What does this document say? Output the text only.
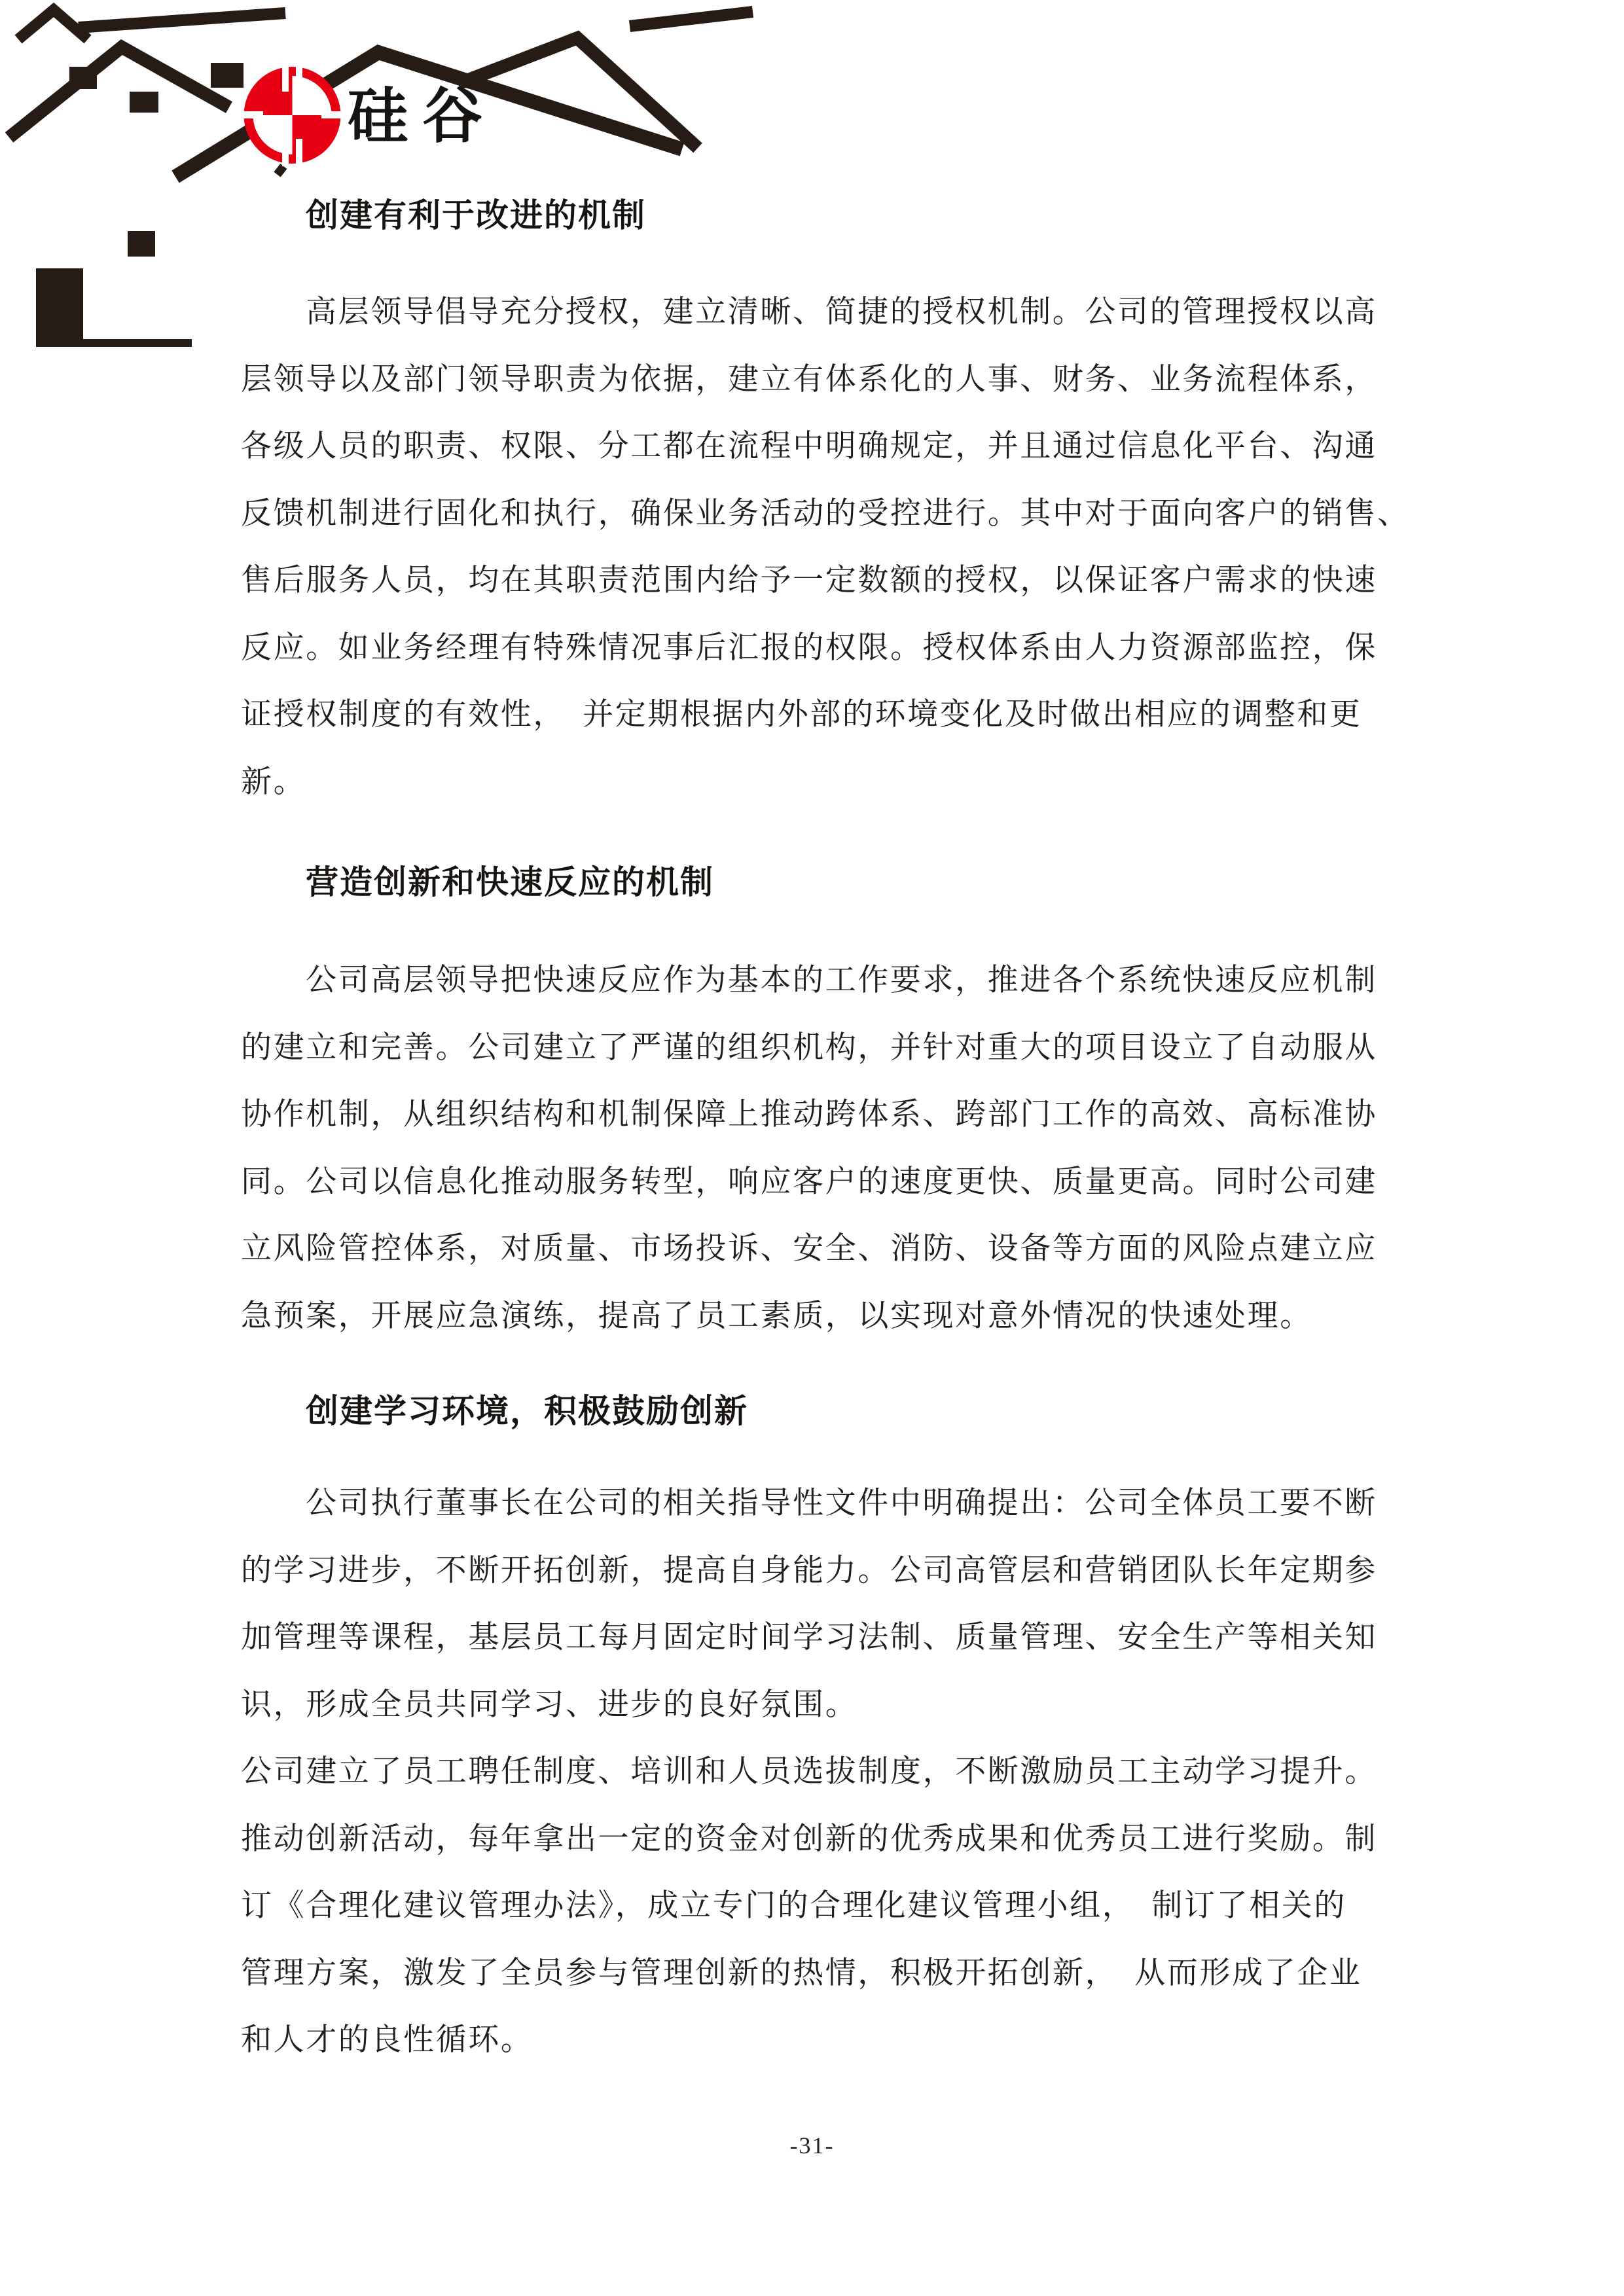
硅谷
创建有利于改进的机制
营造创新和快速反应的机制
创建学习环境，积极鼓励创新
高层领导倡导充分授权，建立清晰、简捷的授权机制。公司的管理授权以高
层领导以及部门领导职责为依据，建立有体系化的人事、财务、业务流程体系，
各级人员的职责、权限、分工都在流程中明确规定，并且通过信息化平台、沟通
反馈机制进行固化和执行，确保业务活动的受控进行。其中对于面向客户的销售、
售后服务人员，均在其职责范围内给予一定数额的授权，以保证客户需求的快速
反应。如业务经理有特殊情况事后汇报的权限。授权体系由人力资源部监控，保
证授权制度的有效性，　并定期根据内外部的环境变化及时做出相应的调整和更
新。
公司高层领导把快速反应作为基本的工作要求，推进各个系统快速反应机制
的建立和完善。公司建立了严谨的组织机构，并针对重大的项目设立了自动服从
协作机制，从组织结构和机制保障上推动跨体系、跨部门工作的高效、高标准协
同。公司以信息化推动服务转型，响应客户的速度更快、质量更高。同时公司建
立风险管控体系，对质量、市场投诉、安全、消防、设备等方面的风险点建立应
急预案，开展应急演练，提高了员工素质，以实现对意外情况的快速处理。
公司执行董事长在公司的相关指导性文件中明确提出：公司全体员工要不断
的学习进步，不断开拓创新，提高自身能力。公司高管层和营销团队长年定期参
加管理等课程，基层员工每月固定时间学习法制、质量管理、安全生产等相关知
识，形成全员共同学习、进步的良好氛围。
公司建立了员工聘任制度、培训和人员选拔制度，不断激励员工主动学习提升。
推动创新活动，每年拿出一定的资金对创新的优秀成果和优秀员工进行奖励。制
订《合理化建议管理办法》，成立专门的合理化建议管理小组，　制订了相关的
管理方案，激发了全员参与管理创新的热情，积极开拓创新，　从而形成了企业
和人才的良性循环。
-31-
